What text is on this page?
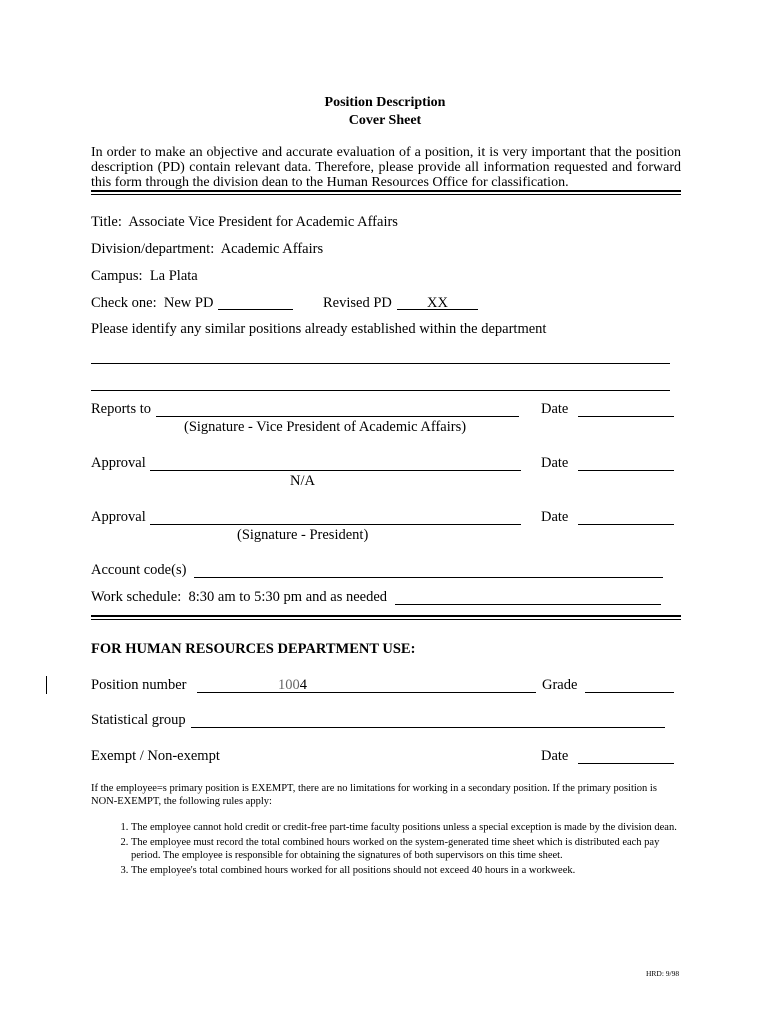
Position Description
Cover Sheet
In order to make an objective and accurate evaluation of a position, it is very important that the position description (PD) contain relevant data. Therefore, please provide all information requested and forward this form through the division dean to the Human Resources Office for classification.
Title: Associate Vice President for Academic Affairs
Division/department: Academic Affairs
Campus: La Plata
Check one: New PD	Revised PD XX
Please identify any similar positions already established within the department
Reports to	Date
(Signature - Vice President of Academic Affairs)
Approval	Date
N/A
Approval	Date
(Signature - President)
Account code(s)
Work schedule: 8:30 am to 5:30 pm and as needed
FOR HUMAN RESOURCES DEPARTMENT USE:
Position number	1004	Grade
Statistical group
Exempt / Non-exempt	Date
If the employee=s primary position is EXEMPT, there are no limitations for working in a secondary position. If the primary position is NON-EXEMPT, the following rules apply:
1. The employee cannot hold credit or credit-free part-time faculty positions unless a special exception is made by the division dean.
2. The employee must record the total combined hours worked on the system-generated time sheet which is distributed each pay period. The employee is responsible for obtaining the signatures of both supervisors on this time sheet.
3. The employee's total combined hours worked for all positions should not exceed 40 hours in a workweek.
HRD: 9/98
